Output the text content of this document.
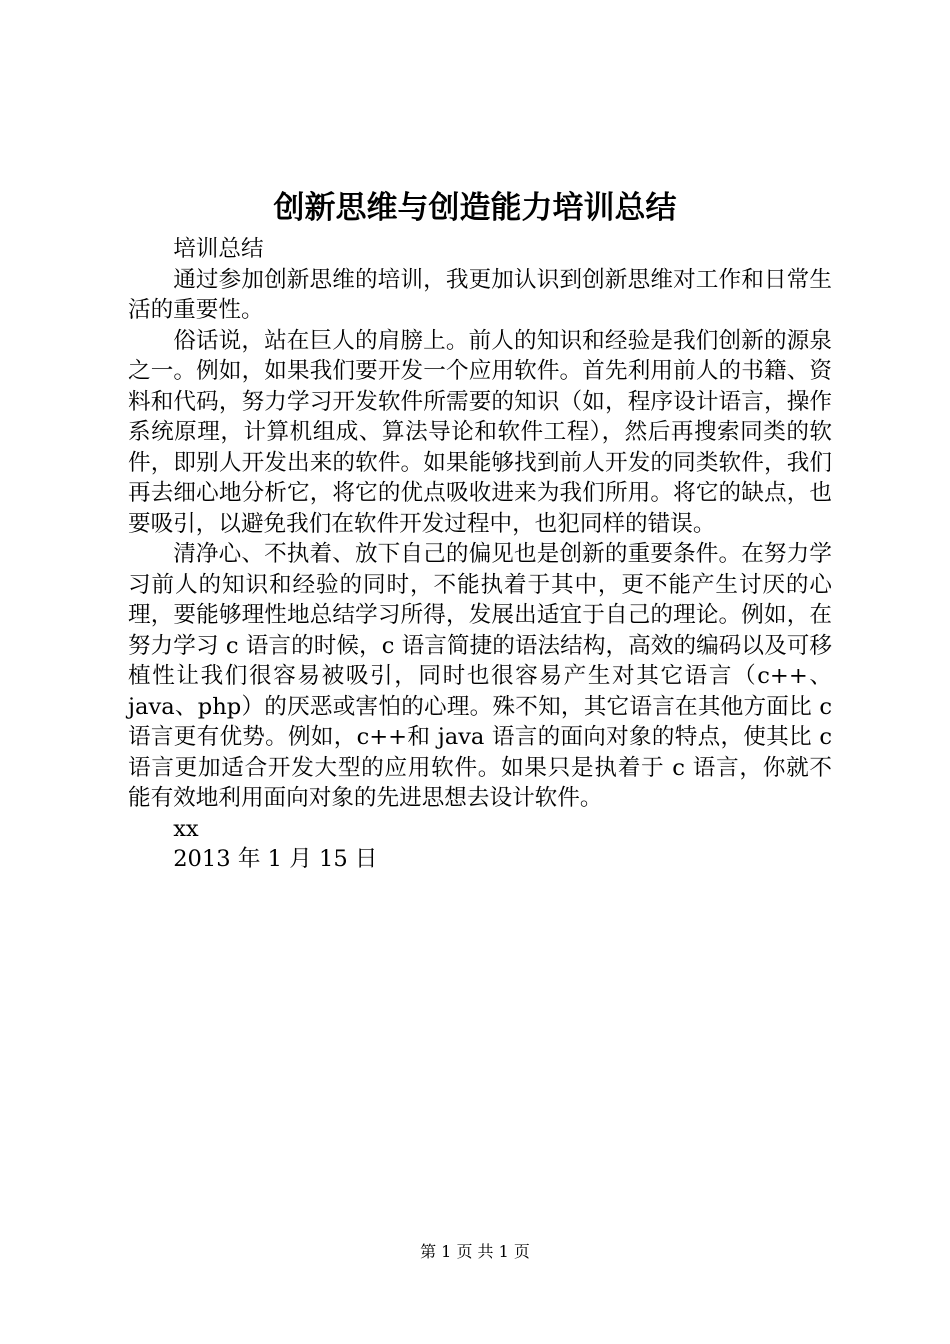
创新思维与创造能力培训总结

培训总结

通过参加创新思维的培训，我更加认识到创新思维对工作和日常生活的重要性。

俗话说，站在巨人的肩膀上。前人的知识和经验是我们创新的源泉之一。例如，如果我们要开发一个应用软件。首先利用前人的书籍、资料和代码，努力学习开发软件所需要的知识（如，程序设计语言，操作系统原理，计算机组成、算法导论和软件工程），然后再搜索同类的软件，即别人开发出来的软件。如果能够找到前人开发的同类软件，我们再去细心地分析它，将它的优点吸收进来为我们所用。将它的缺点，也要吸引，以避免我们在软件开发过程中，也犯同样的错误。

清净心、不执着、放下自己的偏见也是创新的重要条件。在努力学习前人的知识和经验的同时，不能执着于其中，更不能产生讨厌的心理，要能够理性地总结学习所得，发展出适宜于自己的理论。例如，在努力学习 c 语言的时候，c 语言简捷的语法结构，高效的编码以及可移植性让我们很容易被吸引，同时也很容易产生对其它语言（c++、java、php）的厌恶或害怕的心理。殊不知，其它语言在其他方面比 c 语言更有优势。例如，c++和 java 语言的面向对象的特点，使其比 c 语言更加适合开发大型的应用软件。如果只是执着于 c 语言，你就不能有效地利用面向对象的先进思想去设计软件。

xx

2013 年 1 月 15 日

第 1 页 共 1 页
